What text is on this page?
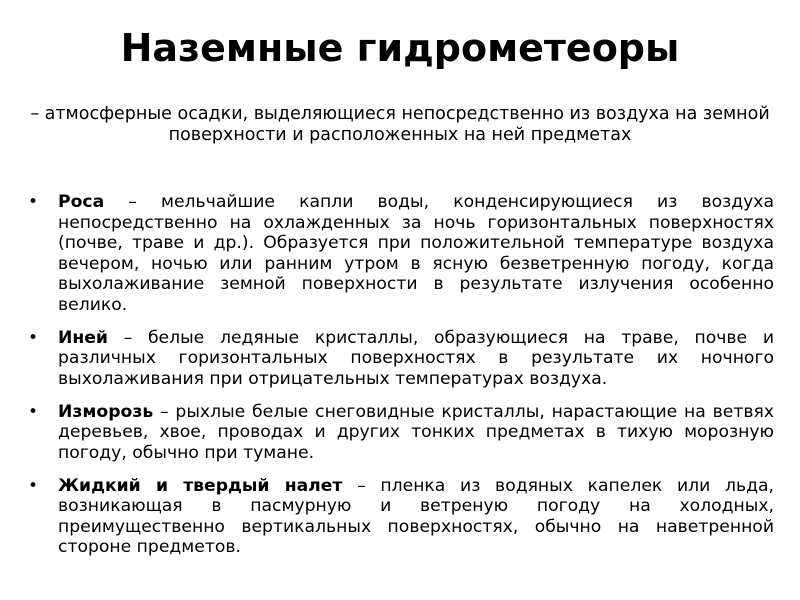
Наземные гидрометеоры

– атмосферные осадки, выделяющиеся непосредственно из воздуха на земной поверхности и расположенных на ней предметах

• Роса – мельчайшие капли воды, конденсирующиеся из воздуха непосредственно на охлажденных за ночь горизонтальных поверхностях (почве, траве и др.). Образуется при положительной температуре воздуха вечером, ночью или ранним утром в ясную безветренную погоду, когда выхолаживание земной поверхности в результате излучения особенно велико.
• Иней – белые ледяные кристаллы, образующиеся на траве, почве и различных горизонтальных поверхностях в результате их ночного выхолаживания при отрицательных температурах воздуха.
• Изморозь – рыхлые белые снеговидные кристаллы, нарастающие на ветвях деревьев, хвое, проводах и других тонких предметах в тихую морозную погоду, обычно при тумане.
• Жидкий и твердый налет – пленка из водяных капелек или льда, возникающая в пасмурную и ветреную погоду на холодных, преимущественно вертикальных поверхностях, обычно на наветренной стороне предметов.
